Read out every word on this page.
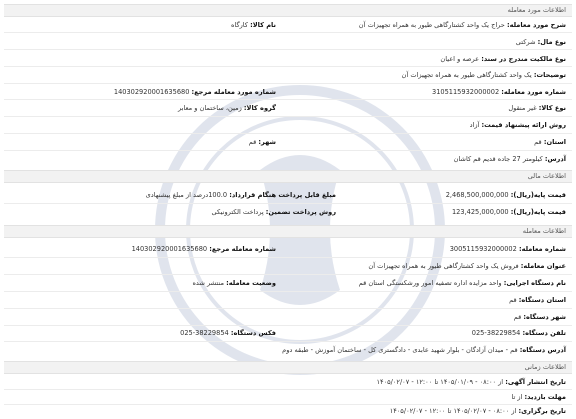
اطلاعات مورد معامله
شرح مورد معامله: حراج یک واحد کشتارگاهی طیور به همراه تجهیزات آن
نام کالا: کارگاه
نوع مال: شرکتی
نوع مالکیت مندرج در سند: عرصه و اعیان
توضیحات: یک واحد کشتارگاهی طیور به همراه تجهیزات آن
شماره مورد معامله: 3105115932000002
شماره مورد معامله مرجع: 140302920001635680
نوع کالا: غیر منقول
گروه کالا: زمین، ساختمان و معابر
روش ارائه پیشنهاد قیمت: آزاد
استان: قم
شهر: قم
آدرس: کیلومتر 27 جاده قدیم قم کاشان
اطلاعات مالی
قیمت پایه(ریال): 2,468,500,000,000
مبلغ قابل پرداخت هنگام قرارداد: 100.0درصد از مبلغ پیشنهادی
قیمت پایه(ریال): 123,425,000,000
روش پرداخت تضمین: پرداخت الکترونیکی
اطلاعات معامله
شماره معامله: 3005115932000002
شماره معامله مرجع: 140302920001635680
عنوان معامله: فروش یک واحد کشتارگاهی طیور به همراه تجهیزات آن
نام دستگاه اجرایی: واحد مزایده اداره تصفیه امور ورشکستگی استان قم
وضعیت معامله: منتشر شده
استان دستگاه: قم
شهر دستگاه: قم
تلفن دستگاه: 38229854-025
فکس دستگاه: 38229854-025
آدرس دستگاه: قم - میدان آزادگان - بلوار شهید عابدی - دادگستری کل - ساختمان آموزش - طبقه دوم
اطلاعات زمانی
تاریخ انتشار آگهی: از ۰۸:۰۰ - ۱۴۰۵/۰۱/۰۹ تا ۱۲:۰۰ - ۱۴۰۵/۰۲/۰۷
مهلت بازدید: از تا
تاریخ برگزاری: از ۰۸:۰۰ - ۱۴۰۵/۰۲/۰۷ تا ۱۲:۰۰ - ۱۴۰۵/۰۲/۰۷
